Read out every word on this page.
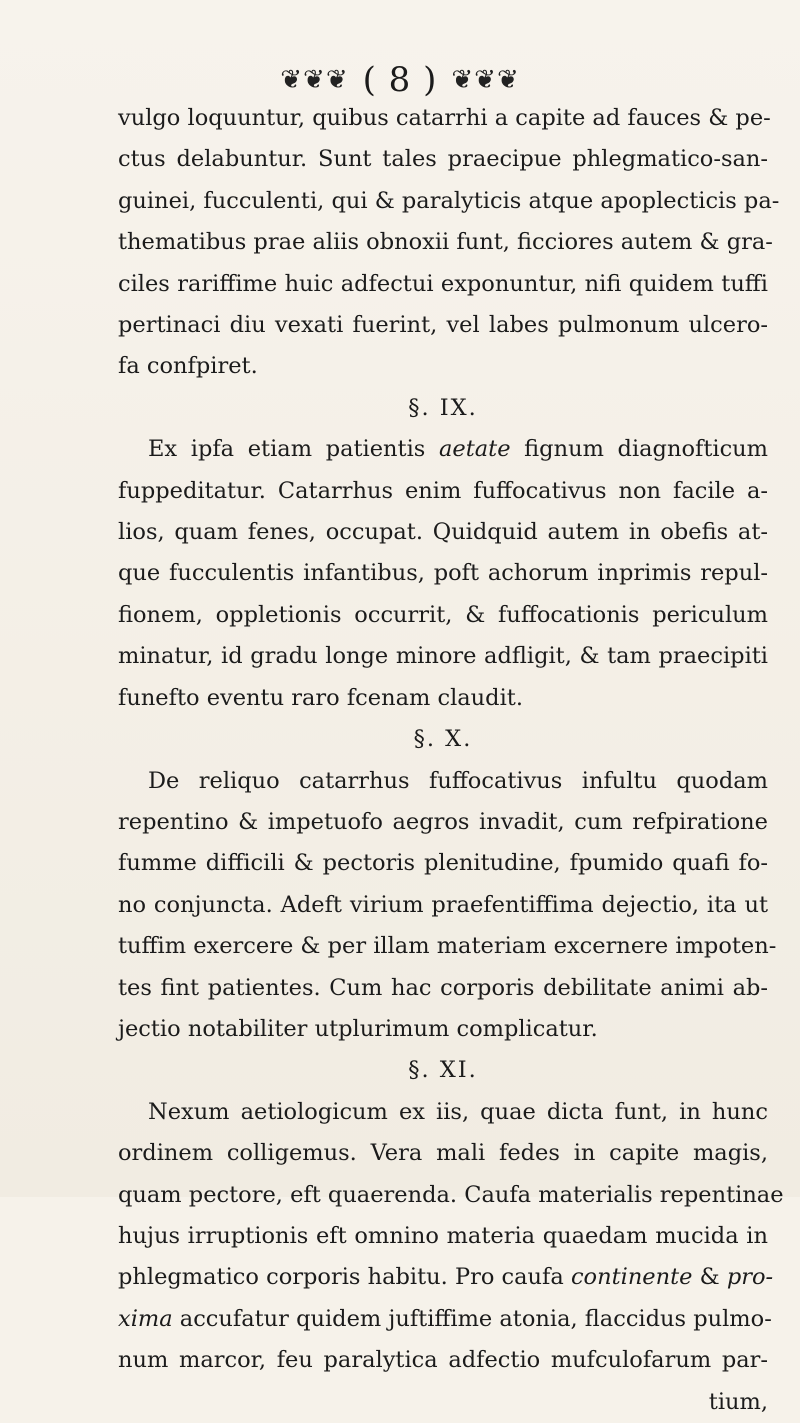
❦❦❦ ( 8 ) ❦❦❦
vulgo loquuntur, quibus catarrhi a capite ad fauces & pe-
ctus delabuntur. Sunt tales praecipue phlegmatico-san-
guinei, fucculenti, qui & paralyticis atque apoplecticis pa-
thematibus prae aliis obnoxii funt, ficciores autem & gra-
ciles rariffime huic adfectui exponuntur, nifi quidem tuffi
pertinaci diu vexati fuerint, vel labes pulmonum ulcero-
fa confpiret.
§. IX.
Ex ipfa etiam patientis aetate fignum diagnofticum
fuppeditatur. Catarrhus enim fuffocativus non facile a-
lios, quam fenes, occupat. Quidquid autem in obefis at-
que fucculentis infantibus, poft achorum inprimis repul-
fionem, oppletionis occurrit, & fuffocationis periculum
minatur, id gradu longe minore adfligit, & tam praecipiti
funefto eventu raro fcenam claudit.
§. X.
De reliquo catarrhus fuffocativus infultu quodam
repentino & impetuofo aegros invadit, cum refpiratione
fumme difficili & pectoris plenitudine, fpumido quafi fo-
no conjuncta. Adeft virium praefentiffima dejectio, ita ut
tuffim exercere & per illam materiam excernere impoten-
tes fint patientes. Cum hac corporis debilitate animi ab-
jectio notabiliter utplurimum complicatur.
§. XI.
Nexum aetiologicum ex iis, quae dicta funt, in hunc
ordinem colligemus. Vera mali fedes in capite magis,
quam pectore, eft quaerenda. Caufa materialis repentinae
hujus irruptionis eft omnino materia quaedam mucida in
phlegmatico corporis habitu. Pro caufa continente & pro-
xima accufatur quidem juftiffime atonia, flaccidus pulmo-
num marcor, feu paralytica adfectio mufculofarum par-
tium,
